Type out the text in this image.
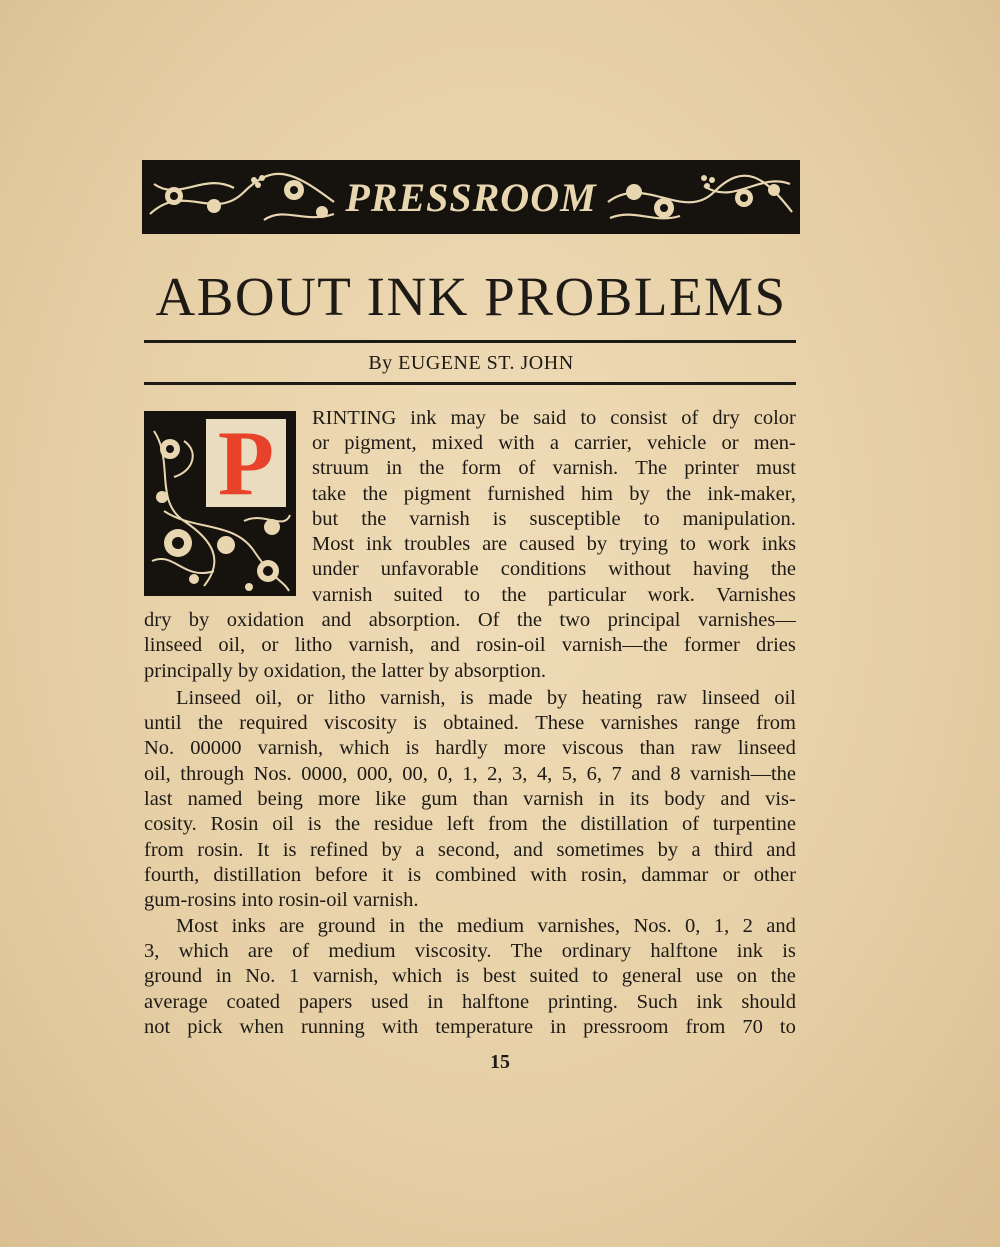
PRESSROOM
ABOUT INK PROBLEMS
By EUGENE ST. JOHN
P	RINTING ink may be said to consist of dry color
or pigment, mixed with a carrier, vehicle or men-
struum in the form of varnish. The printer must
take the pigment furnished him by the ink-maker,
but the varnish is susceptible to manipulation.
Most ink troubles are caused by trying to work inks
under unfavorable conditions without having the
varnish suited to the particular work. Varnishes
dry by oxidation and absorption. Of the two principal varnishes—
linseed oil, or litho varnish, and rosin-oil varnish—the former dries
principally by oxidation, the latter by absorption.
Linseed oil, or litho varnish, is made by heating raw linseed oil
until the required viscosity is obtained. These varnishes range from
No. 00000 varnish, which is hardly more viscous than raw linseed
oil, through Nos. 0000, 000, 00, 0, 1, 2, 3, 4, 5, 6, 7 and 8 varnish—the
last named being more like gum than varnish in its body and vis-
cosity. Rosin oil is the residue left from the distillation of turpentine
from rosin. It is refined by a second, and sometimes by a third and
fourth, distillation before it is combined with rosin, dammar or other
gum-rosins into rosin-oil varnish.
Most inks are ground in the medium varnishes, Nos. 0, 1, 2 and
3, which are of medium viscosity. The ordinary halftone ink is
ground in No. 1 varnish, which is best suited to general use on the
average coated papers used in halftone printing. Such ink should
not pick when running with temperature in pressroom from 70 to
15
